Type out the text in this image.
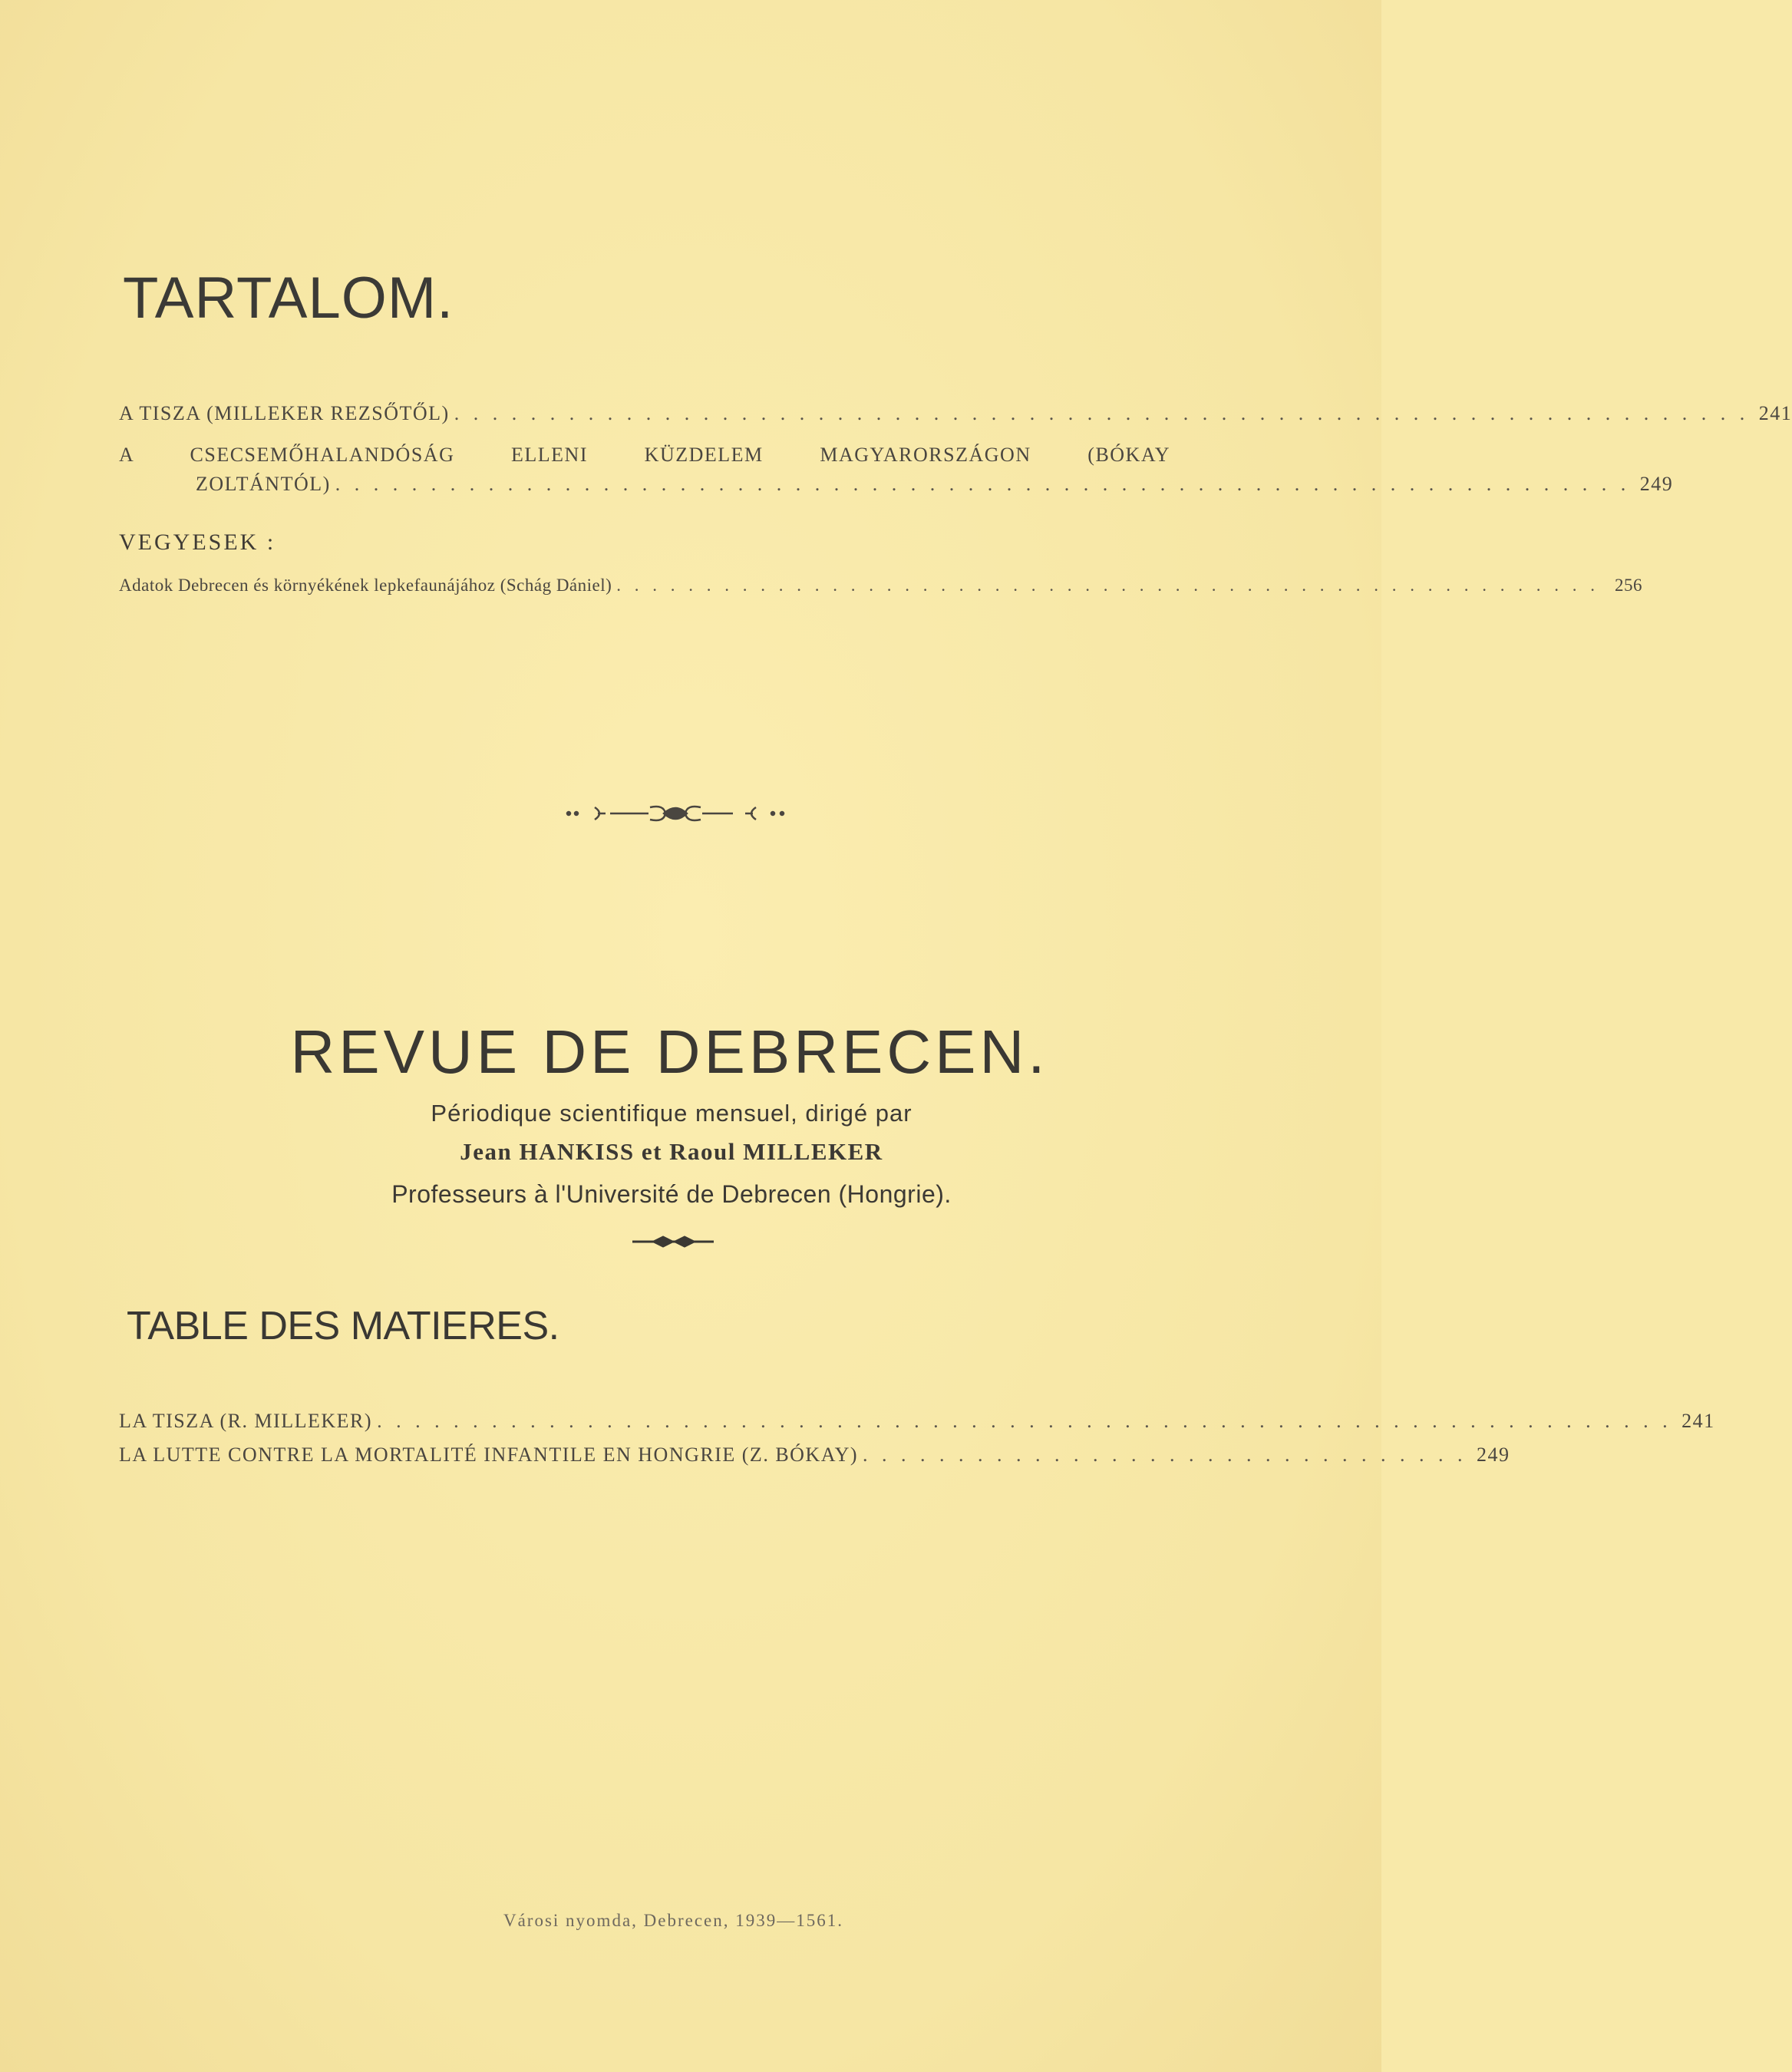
TARTALOM.
A TISZA (MILLEKER REZSŐTŐL) . . . . . . . . . . . . . . . . . . . . . . . . . . . . . . . . . . . . . . . . . . . . . . . . . . . . . . . . . . . . . . . . . . . . 241
A CSECSEMŐHALANDÓSÁG ELLENI KÜZDELEM MAGYARORSZÁGON (BÓKAY
ZOLTÁNTÓL) . . . . . . . . . . . . . . . . . . . . . . . . . . . . . . . . . . . . . . . . . . . . . . . . . . . . . . . . . . . . . . . . . . . . 249
VEGYESEK :
Adatok Debrecen és környékének lepkefaunájához (Schág Dániel) . . . . . . . . . . . . . . . . . . . . . . . . . . . . . . . . . . . . . . . . . . . . . . . . . . . . . . . 256
REVUE DE DEBRECEN.
Périodique scientifique mensuel, dirigé par
Jean HANKISS et Raoul MILLEKER
Professeurs à l'Université de Debrecen (Hongrie).
TABLE DES MATIERES.
LA TISZA (R. MILLEKER) . . . . . . . . . . . . . . . . . . . . . . . . . . . . . . . . . . . . . . . . . . . . . . . . . . . . . . . . . . . . . . . . . . . . 241
LA LUTTE CONTRE LA MORTALITÉ INFANTILE EN HONGRIE (Z. BÓKAY) . . . . . . . . . . . . . . . . . . . . . . . . . . . . . . . . 249
Városi nyomda, Debrecen, 1939—1561.
